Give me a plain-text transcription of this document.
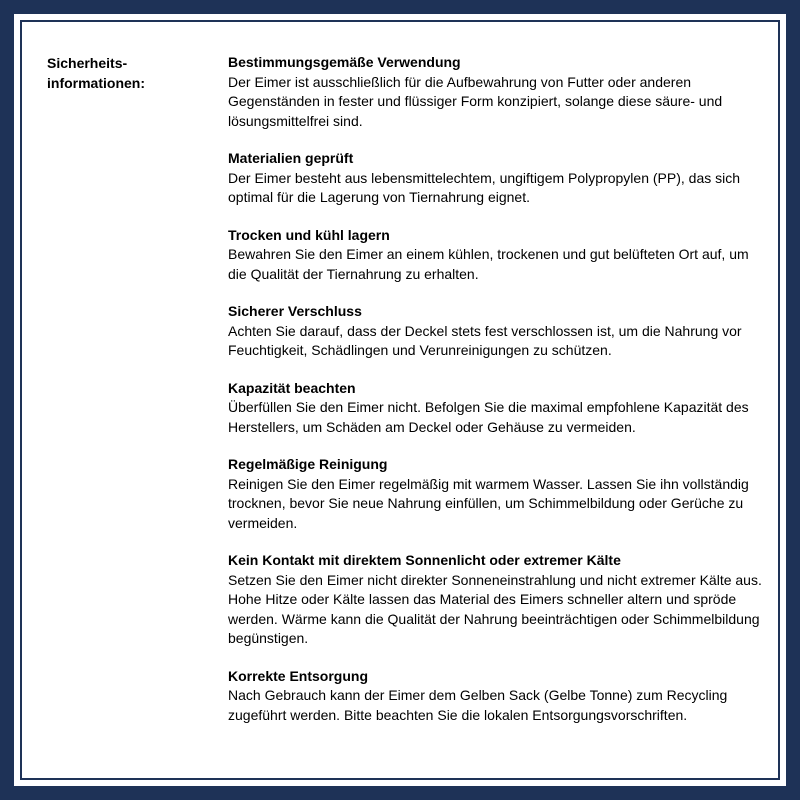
Sicherheits-
informationen:
Bestimmungsgemäße Verwendung
Der Eimer ist ausschließlich für die Aufbewahrung von Futter oder anderen Gegenständen in fester und flüssiger Form konzipiert, solange diese säure- und lösungsmittelfrei sind.
Materialien geprüft
Der Eimer besteht aus lebensmittelechtem, ungiftigem Polypropylen (PP), das sich optimal für die Lagerung von Tiernahrung eignet.
Trocken und kühl lagern
Bewahren Sie den Eimer an einem kühlen, trockenen und gut belüfteten Ort auf, um die Qualität der Tiernahrung zu erhalten.
Sicherer Verschluss
Achten Sie darauf, dass der Deckel stets fest verschlossen ist, um die Nahrung vor Feuchtigkeit, Schädlingen und Verunreinigungen zu schützen.
Kapazität beachten
Überfüllen Sie den Eimer nicht. Befolgen Sie die maximal empfohlene Kapazität des Herstellers, um Schäden am Deckel oder Gehäuse zu vermeiden.
Regelmäßige Reinigung
Reinigen Sie den Eimer regelmäßig mit warmem Wasser. Lassen Sie ihn vollständig trocknen, bevor Sie neue Nahrung einfüllen, um Schimmelbildung oder Gerüche zu vermeiden.
Kein Kontakt mit direktem Sonnenlicht oder extremer Kälte
Setzen Sie den Eimer nicht direkter Sonneneinstrahlung und nicht extremer Kälte aus. Hohe Hitze oder Kälte lassen das Material des Eimers schneller altern und spröde werden. Wärme kann die Qualität der Nahrung beeinträchtigen oder Schimmelbildung begünstigen.
Korrekte Entsorgung
Nach Gebrauch kann der Eimer dem Gelben Sack (Gelbe Tonne) zum Recycling zugeführt werden. Bitte beachten Sie die lokalen Entsorgungsvorschriften.
